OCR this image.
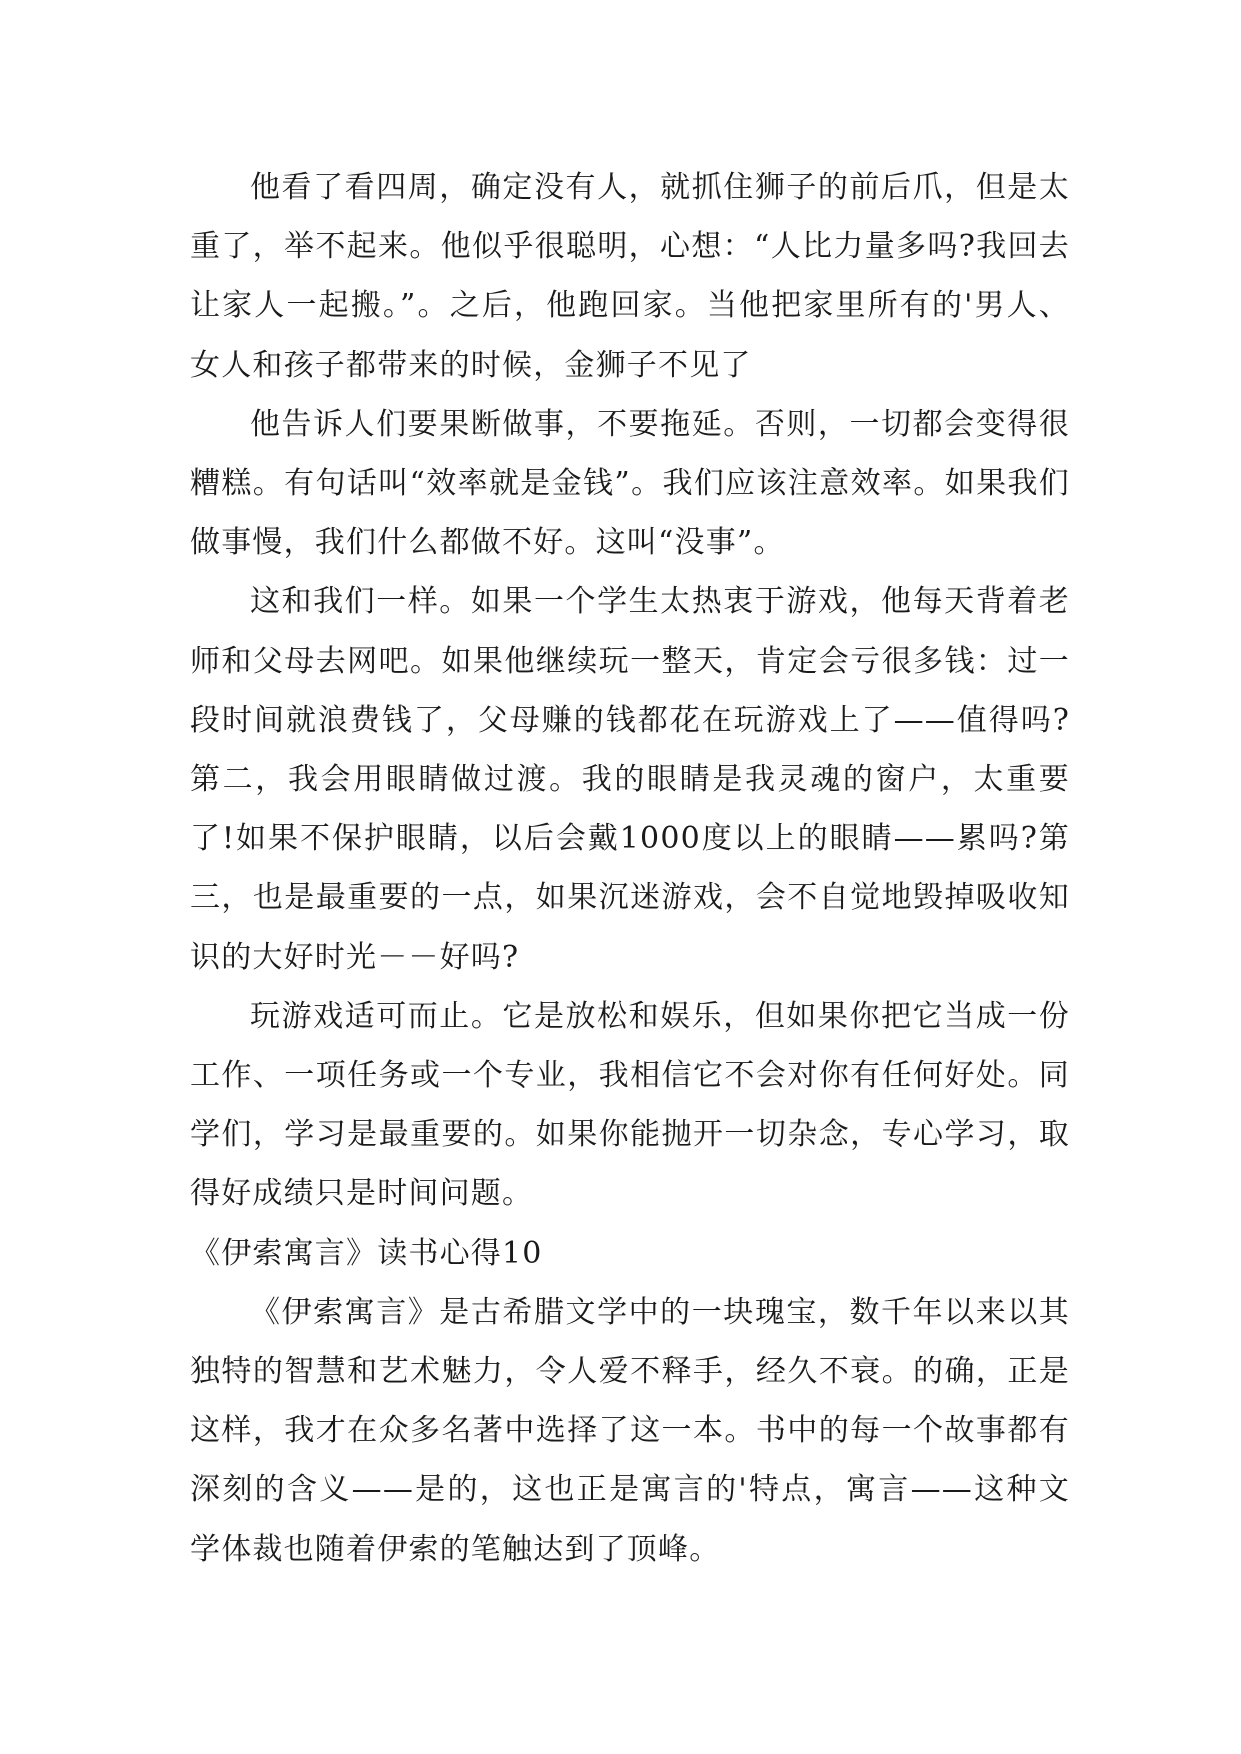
他看了看四周，确定没有人，就抓住狮子的前后爪，但是太重了，举不起来。他似乎很聪明，心想：“人比力量多吗?我回去让家人一起搬。”。之后，他跑回家。当他把家里所有的'男人、女人和孩子都带来的时候，金狮子不见了

他告诉人们要果断做事，不要拖延。否则，一切都会变得很糟糕。有句话叫“效率就是金钱”。我们应该注意效率。如果我们做事慢，我们什么都做不好。这叫“没事”。

这和我们一样。如果一个学生太热衷于游戏，他每天背着老师和父母去网吧。如果他继续玩一整天，肯定会亏很多钱：过一段时间就浪费钱了，父母赚的钱都花在玩游戏上了——值得吗?第二，我会用眼睛做过渡。我的眼睛是我灵魂的窗户，太重要了!如果不保护眼睛，以后会戴1000度以上的眼睛——累吗?第三，也是最重要的一点，如果沉迷游戏，会不自觉地毁掉吸收知识的大好时光－－好吗?

玩游戏适可而止。它是放松和娱乐，但如果你把它当成一份工作、一项任务或一个专业，我相信它不会对你有任何好处。同学们，学习是最重要的。如果你能抛开一切杂念，专心学习，取得好成绩只是时间问题。

《伊索寓言》读书心得10

《伊索寓言》是古希腊文学中的一块瑰宝，数千年以来以其独特的智慧和艺术魅力，令人爱不释手，经久不衰。的确，正是这样，我才在众多名著中选择了这一本。书中的每一个故事都有深刻的含义——是的，这也正是寓言的'特点，寓言——这种文学体裁也随着伊索的笔触达到了顶峰。
